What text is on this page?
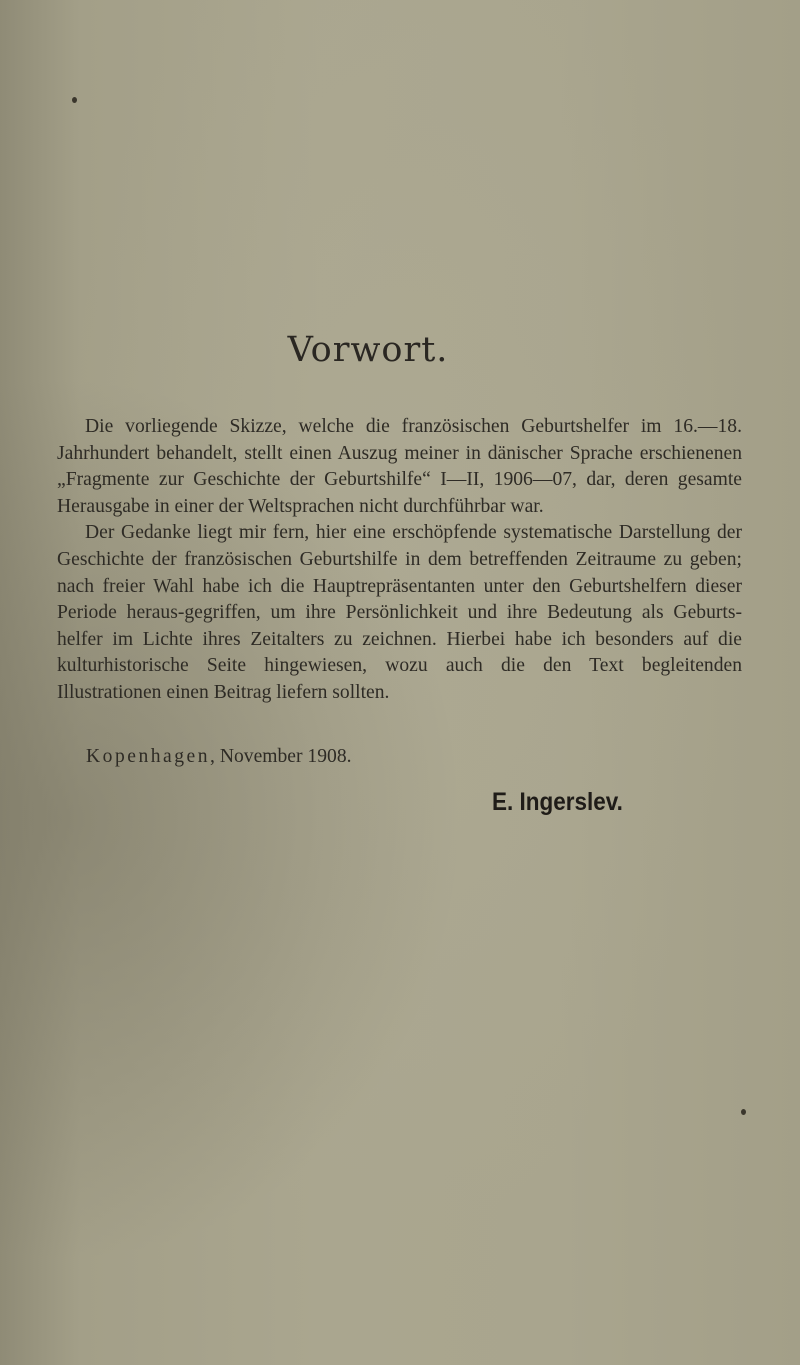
Vorwort.

Die vorliegende Skizze, welche die französischen Geburtshelfer im 16.—18. Jahrhundert behandelt, stellt einen Auszug meiner in dänischer Sprache erschienenen „Fragmente zur Geschichte der Geburtshilfe“ I—II, 1906—07, dar, deren gesamte Herausgabe in einer der Weltsprachen nicht durchführbar war.

Der Gedanke liegt mir fern, hier eine erschöpfende systematische Darstellung der Geschichte der französischen Geburtshilfe in dem betreffenden Zeitraume zu geben; nach freier Wahl habe ich die Hauptrepräsentanten unter den Geburtshelfern dieser Periode heraus-gegriffen, um ihre Persönlichkeit und ihre Bedeutung als Geburts-helfer im Lichte ihres Zeitalters zu zeichnen. Hierbei habe ich besonders auf die kulturhistorische Seite hingewiesen, wozu auch die den Text begleitenden Illustrationen einen Beitrag liefern sollten.

Kopenhagen, November 1908.
E. Ingerslev.
